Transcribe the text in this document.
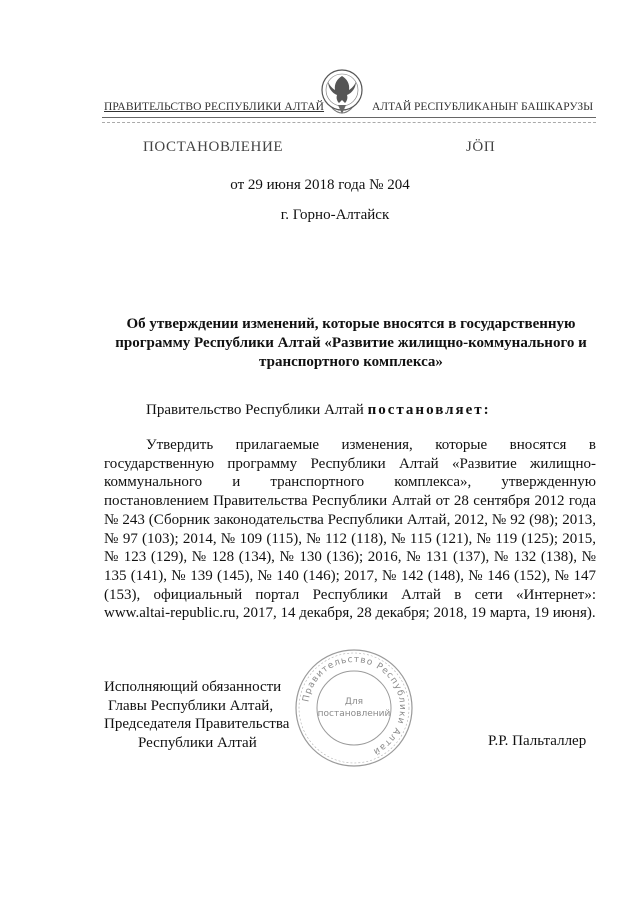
ПРАВИТЕЛЬСТВО РЕСПУБЛИКИ АЛТАЙ	АЛТАЙ РЕСПУБЛИКАНЫҤ БАШКАРУЗЫ
ПОСТАНОВЛЕНИЕ	ЈӦП
от 29 июня 2018 года № 204
г. Горно-Алтайск
Об утверждении изменений, которые вносятся в государственную программу Республики Алтай «Развитие жилищно-коммунального и транспортного комплекса»
Правительство Республики Алтай постановляет:
Утвердить прилагаемые изменения, которые вносятся в государственную программу Республики Алтай «Развитие жилищно-коммунального и транспортного комплекса», утвержденную постановлением Правительства Республики Алтай от 28 сентября 2012 года № 243 (Сборник законодательства Республики Алтай, 2012, № 92 (98); 2013, № 97 (103); 2014, № 109 (115), № 112 (118), № 115 (121), № 119 (125); 2015, № 123 (129), № 128 (134), № 130 (136); 2016, № 131 (137), № 132 (138), № 135 (141), № 139 (145), № 140 (146); 2017, № 142 (148), № 146 (152), № 147 (153), официальный портал Республики Алтай в сети «Интернет»: www.altai-republic.ru, 2017, 14 декабря, 28 декабря; 2018, 19 марта, 19 июня).
Правительство Республики Алтай
Для
постановлений
Исполняющий обязанности
Главы Республики Алтай,
Председателя Правительства
Республики Алтай	Р.Р. Пальталлер
